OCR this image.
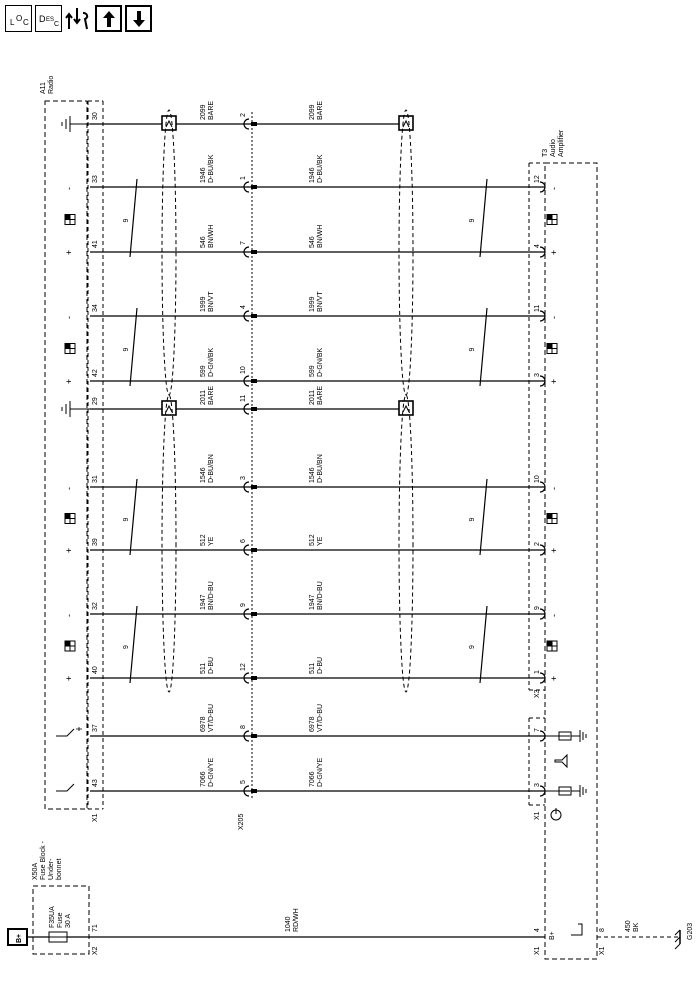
L O C D ES
C
A11 Radio
T3 Audio Amplifier
X50A Fuse Block - Under- bonnet
F35UA Fuse 30 A
X1	X205	X1
X3
X2
71
X1
4
B+
X1
8
1040 RD/WH	450 BK	G203
30	2
2099 BARE	2099 BARE
-	-
33	1	12
1946 D-BU/BK	1946 D-BU/BK
+	+
41	7
4
546 BN/WH	546 BN/WH
-	-
34	4	11
1999 BN/VT	1999 BN/VT
+	+
42	10
3
599 D-GN/BK	599 D-GN/BK
29	11
2011 BARE	2011 BARE
-	-
31	3	10
1546 D-BU/BN	1546 D-BU/BN
+	+
39	6
2
512 YE	512 YE
-	-
32	9
9
1947 BN/D-BU	1947 BN/D-BU
+	+
40	12
1
511 D-BU	511 D-BU
37	8
7
6978 VT/D-BU	6978 VT/D-BU
43	5
3
7066 D-GN/YE	7066 D-GN/YE
9	9
9	9
9	9
9	9
B+
